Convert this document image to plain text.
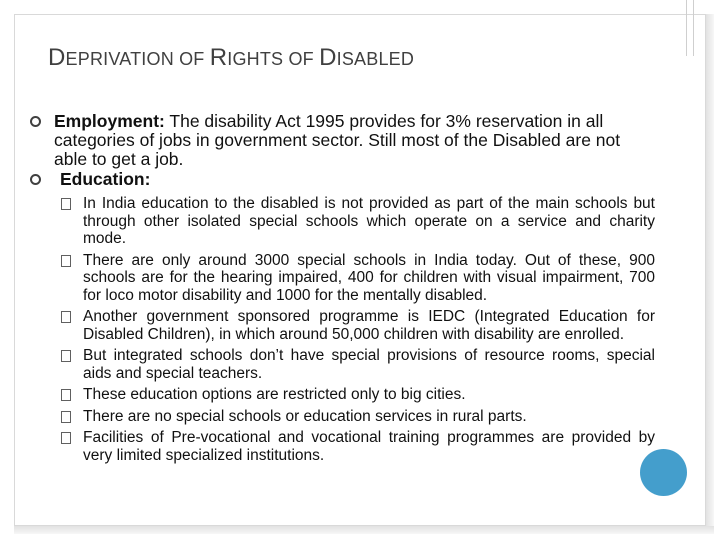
DEPRIVATION OF RIGHTS OF DISABLED
Employment: The disability Act 1995 provides for 3% reservation in all categories of jobs in government sector. Still most of the Disabled are not able to get a job.
Education:
In India education to the disabled is not provided as part of the main schools but through other isolated special schools which operate on a service and charity mode.
There are only around 3000 special schools in India today. Out of these, 900 schools are for the hearing impaired, 400 for children with visual impairment, 700 for loco motor disability and 1000 for the mentally disabled.
Another government sponsored programme is IEDC (Integrated Education for Disabled Children), in which around 50,000 children with disability are enrolled.
But integrated schools don’t have special provisions of resource rooms, special aids and special teachers.
These education options are restricted only to big cities.
There are no special schools or education services in rural parts.
Facilities of Pre-vocational and vocational training programmes are provided by very limited specialized institutions.
